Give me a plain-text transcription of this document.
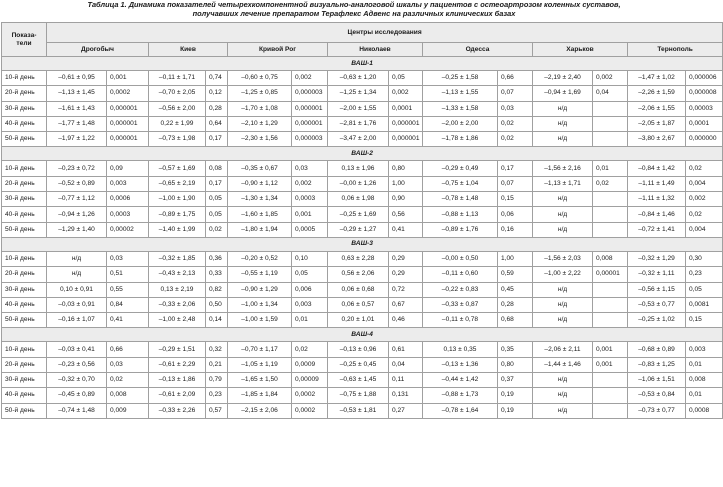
Таблица 1. Динамика показателей четырехкомпонентной визуально-аналоговой шкалы у пациентов с остеоартрозом коленных суставов,
получавших лечение препаратом Терафлекс Адвенс на различных клинических базах
Показа-
тели	Центры исследования													
	Дрогобыч		Киев		Кривой Рог		Николаев		Одесса		Харьков		Тернополь	
ВАШ-1														
10-й день	–0,61 ± 0,95	0,001	–0,11 ± 1,71	0,74	–0,60 ± 0,75	0,002	–0,63 ± 1,20	0,05	–0,25 ± 1,58	0,66	–2,19 ± 2,40	0,002	–1,47 ± 1,02	0,000006
20-й день	–1,13 ± 1,45	0,0002	–0,70 ± 2,05	0,12	–1,25 ± 0,85	0,000003	–1,25 ± 1,34	0,002	–1,13 ± 1,55	0,07	–0,94 ± 1,69	0,04	–2,26 ± 1,59	0,000008
30-й день	–1,61 ± 1,43	0,000001	–0,56 ± 2,00	0,28	–1,70 ± 1,08	0,000001	–2,00 ± 1,55	0,0001	–1,33 ± 1,58	0,03	н/д		–2,06 ± 1,55	0,00003
40-й день	–1,77 ± 1,48	0,000001	0,22 ± 1,99	0,64	–2,10 ± 1,29	0,000001	–2,81 ± 1,76	0,000001	–2,00 ± 2,00	0,02	н/д		–2,05 ± 1,87	0,0001
50-й день	–1,97 ± 1,22	0,000001	–0,73 ± 1,98	0,17	–2,30 ± 1,56	0,000003	–3,47 ± 2,00	0,000001	–1,78 ± 1,86	0,02	н/д		–3,80 ± 2,67	0,000000
ВАШ-2														
10-й день	–0,23 ± 0,72	0,09	–0,57 ± 1,69	0,08	–0,35 ± 0,67	0,03	0,13 ± 1,96	0,80	–0,29 ± 0,49	0,17	–1,56 ± 2,16	0,01	–0,84 ± 1,42	0,02
20-й день	–0,52 ± 0,89	0,003	–0,65 ± 2,19	0,17	–0,90 ± 1,12	0,002	–0,00 ± 1,26	1,00	–0,75 ± 1,04	0,07	–1,13 ± 1,71	0,02	–1,11 ± 1,49	0,004
30-й день	–0,77 ± 1,12	0,0006	–1,00 ± 1,90	0,05	–1,30 ± 1,34	0,0003	0,06 ± 1,98	0,90	–0,78 ± 1,48	0,15	н/д		–1,11 ± 1,32	0,002
40-й день	–0,94 ± 1,26	0,0003	–0,89 ± 1,75	0,05	–1,60 ± 1,85	0,001	–0,25 ± 1,69	0,56	–0,88 ± 1,13	0,06	н/д		–0,84 ± 1,46	0,02
50-й день	–1,29 ± 1,40	0,00002	–1,40 ± 1,99	0,02	–1,80 ± 1,94	0,0005	–0,29 ± 1,27	0,41	–0,89 ± 1,76	0,16	н/д		–0,72 ± 1,41	0,004
ВАШ-3														
10-й день	н/д	0,03	–0,32 ± 1,85	0,36	–0,20 ± 0,52	0,10	0,63 ± 2,28	0,29	–0,00 ± 0,50	1,00	–1,56 ± 2,03	0,008	–0,32 ± 1,29	0,30
20-й день	н/д	0,51	–0,43 ± 2,13	0,33	–0,55 ± 1,19	0,05	0,56 ± 2,06	0,29	–0,11 ± 0,60	0,59	–1,00 ± 2,22	0,00001	–0,32 ± 1,11	0,23
30-й день	0,10 ± 0,91	0,55	0,13 ± 2,19	0,82	–0,90 ± 1,29	0,006	0,06 ± 0,68	0,72	–0,22 ± 0,83	0,45	н/д		–0,56 ± 1,15	0,05
40-й день	–0,03 ± 0,91	0,84	–0,33 ± 2,06	0,50	–1,00 ± 1,34	0,003	0,06 ± 0,57	0,67	–0,33 ± 0,87	0,28	н/д		–0,53 ± 0,77	0,0081
50-й день	–0,16 ± 1,07	0,41	–1,00 ± 2,48	0,14	–1,00 ± 1,59	0,01	0,20 ± 1,01	0,46	–0,11 ± 0,78	0,68	н/д		–0,25 ± 1,02	0,15
ВАШ-4														
10-й день	–0,03 ± 0,41	0,66	–0,29 ± 1,51	0,32	–0,70 ± 1,17	0,02	–0,13 ± 0,96	0,61	0,13 ± 0,35	0,35	–2,06 ± 2,11	0,001	–0,68 ± 0,89	0,003
20-й день	–0,23 ± 0,56	0,03	–0,61 ± 2,29	0,21	–1,05 ± 1,19	0,0009	–0,25 ± 0,45	0,04	–0,13 ± 1,36	0,80	–1,44 ± 1,46	0,001	–0,83 ± 1,25	0,01
30-й день	–0,32 ± 0,70	0,02	–0,13 ± 1,86	0,79	–1,65 ± 1,50	0,00009	–0,63 ± 1,45	0,11	–0,44 ± 1,42	0,37	н/д		–1,06 ± 1,51	0,008
40-й день	–0,45 ± 0,89	0,008	–0,61 ± 2,09	0,23	–1,85 ± 1,84	0,0002	–0,75 ± 1,88	0,131	–0,88 ± 1,73	0,19	н/д		–0,53 ± 0,84	0,01
50-й день	–0,74 ± 1,48	0,009	–0,33 ± 2,26	0,57	–2,15 ± 2,06	0,0002	–0,53 ± 1,81	0,27	–0,78 ± 1,64	0,19	н/д		–0,73 ± 0,77	0,0008
